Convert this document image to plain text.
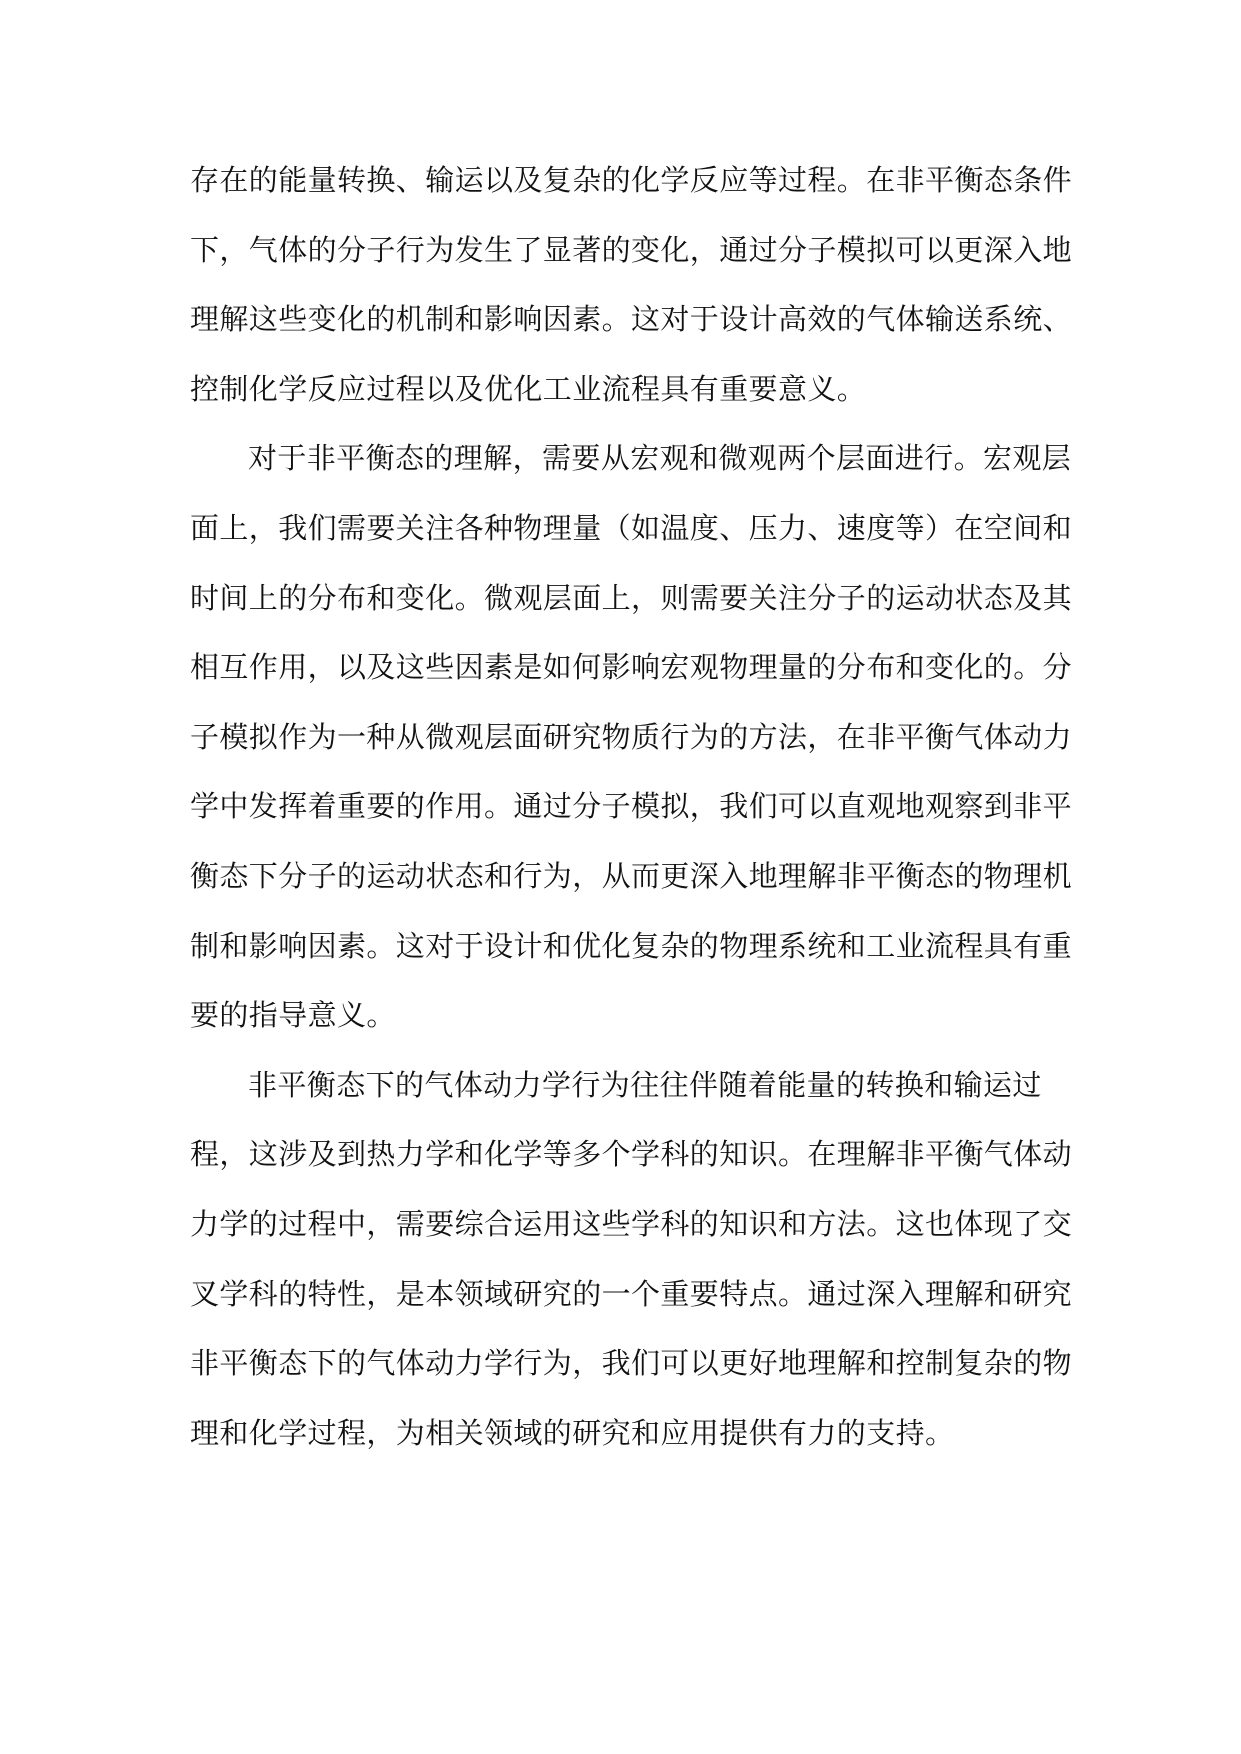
存在的能量转换、输运以及复杂的化学反应等过程。在非平衡态条件
下，气体的分子行为发生了显著的变化，通过分子模拟可以更深入地
理解这些变化的机制和影响因素。这对于设计高效的气体输送系统、
控制化学反应过程以及优化工业流程具有重要意义。
对于非平衡态的理解，需要从宏观和微观两个层面进行。宏观层
面上，我们需要关注各种物理量（如温度、压力、速度等）在空间和
时间上的分布和变化。微观层面上，则需要关注分子的运动状态及其
相互作用，以及这些因素是如何影响宏观物理量的分布和变化的。分
子模拟作为一种从微观层面研究物质行为的方法，在非平衡气体动力
学中发挥着重要的作用。通过分子模拟，我们可以直观地观察到非平
衡态下分子的运动状态和行为，从而更深入地理解非平衡态的物理机
制和影响因素。这对于设计和优化复杂的物理系统和工业流程具有重
要的指导意义。
非平衡态下的气体动力学行为往往伴随着能量的转换和输运过
程，这涉及到热力学和化学等多个学科的知识。在理解非平衡气体动
力学的过程中，需要综合运用这些学科的知识和方法。这也体现了交
叉学科的特性，是本领域研究的一个重要特点。通过深入理解和研究
非平衡态下的气体动力学行为，我们可以更好地理解和控制复杂的物
理和化学过程，为相关领域的研究和应用提供有力的支持。
